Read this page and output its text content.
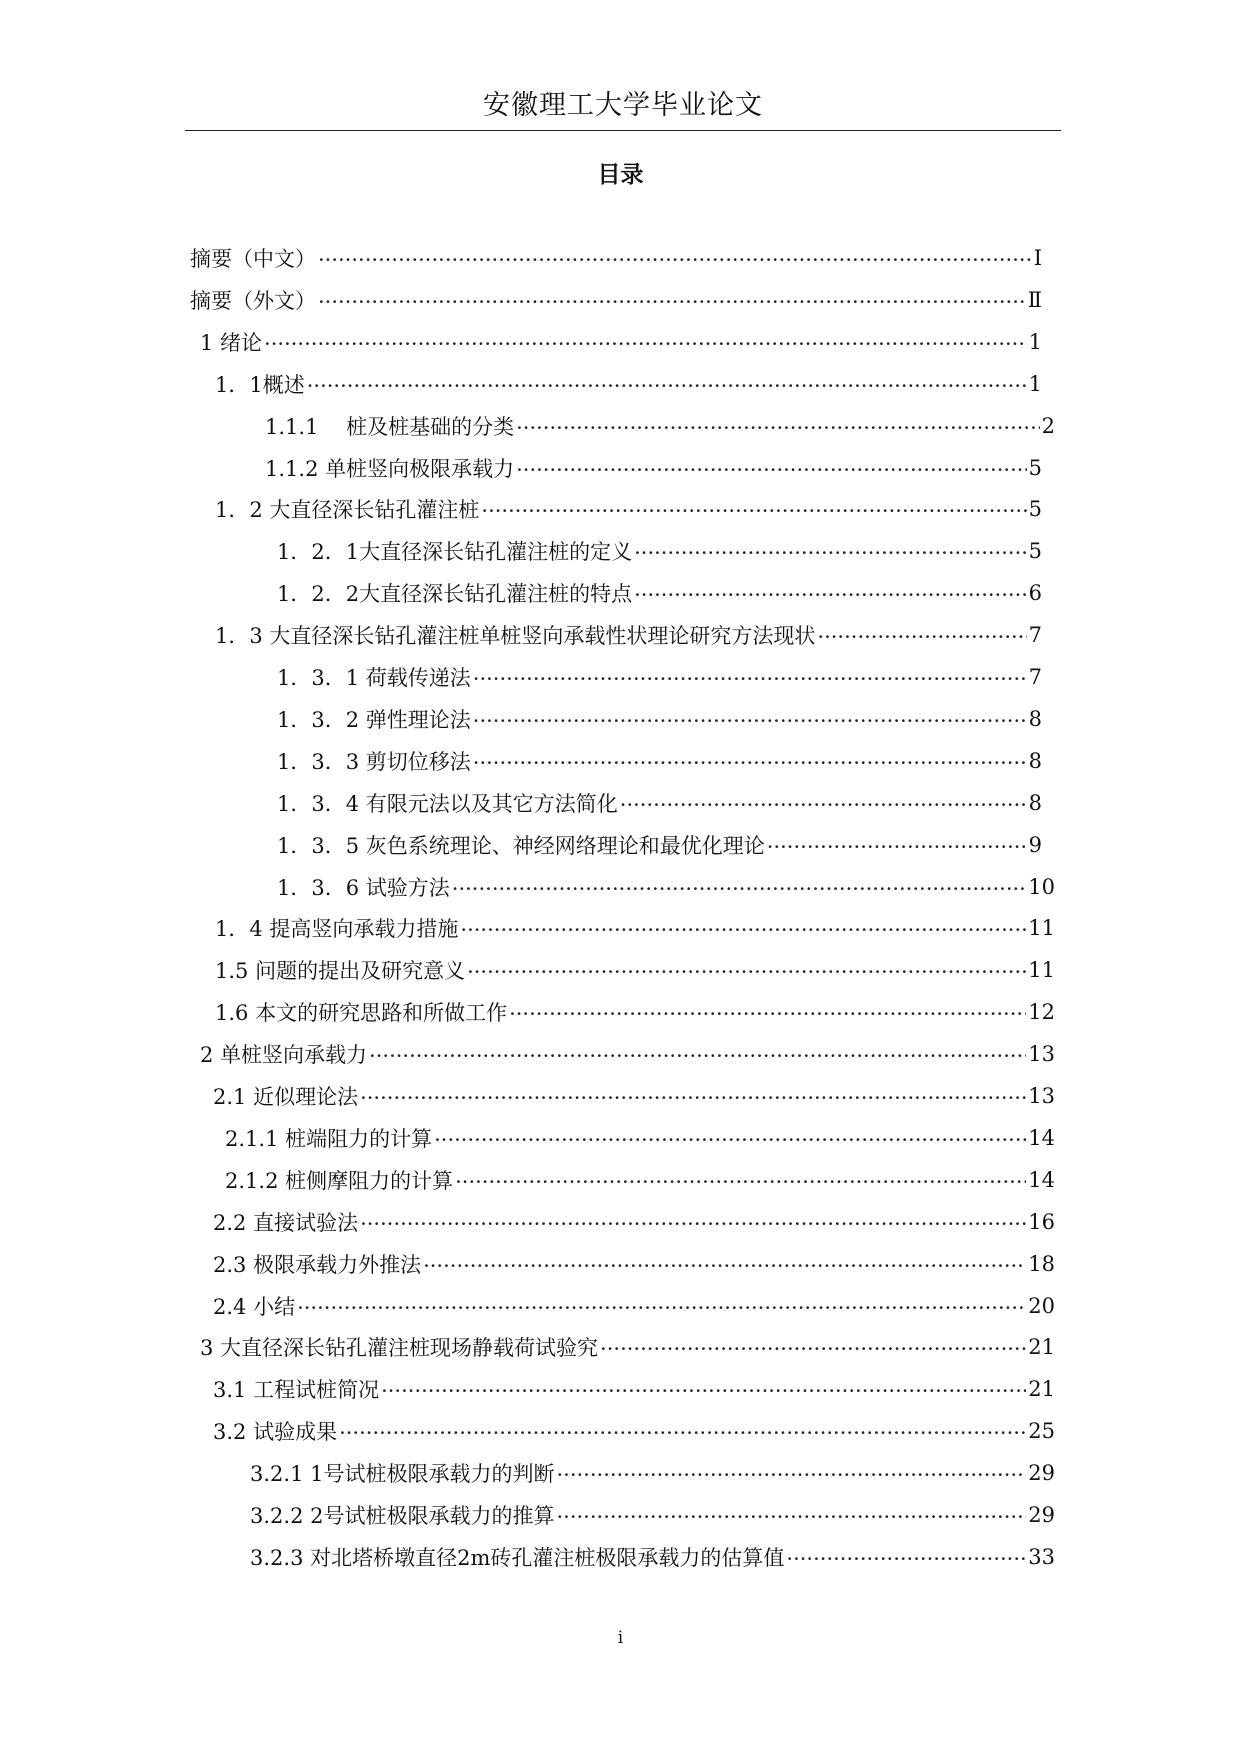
安徽理工大学毕业论文
目录
摘要（中文） ·····	Ⅰ
摘要（外文） ·····	Ⅱ
1 绪论 ·····	1
1．1概述 ·····	1
1.1.1　 桩及桩基础的分类 ·····	2
1.1.2 单桩竖向极限承载力 ·····	5
1．2 大直径深长钻孔灌注桩 ·····	5
1．2．1大直径深长钻孔灌注桩的定义 ·····	5
1．2．2大直径深长钻孔灌注桩的特点 ·····	6
1．3 大直径深长钻孔灌注桩单桩竖向承载性状理论研究方法现状 ·····	7
1．3．1 荷载传递法 ·····	7
1．3．2 弹性理论法 ·····	8
1．3．3 剪切位移法 ·····	8
1．3．4 有限元法以及其它方法简化 ·····	8
1．3．5 灰色系统理论、神经网络理论和最优化理论 ·····	9
1．3．6 试验方法 ·····	10
1．4 提高竖向承载力措施 ·····	11
1.5 问题的提出及研究意义 ·····	11
1.6 本文的研究思路和所做工作 ·····	12
2 单桩竖向承载力 ·····	13
2.1 近似理论法 ·····	13
2.1.1 桩端阻力的计算 ·····	14
2.1.2 桩侧摩阻力的计算 ·····	14
2.2 直接试验法 ·····	16
2.3 极限承载力外推法 ·····	18
2.4 小结 ·····	20
3 大直径深长钻孔灌注桩现场静载荷试验究 ·····	21
3.1 工程试桩简况 ·····	21
3.2 试验成果 ·····	25
3.2.1 1号试桩极限承载力的判断 ·····	29
3.2.2 2号试桩极限承载力的推算 ·····	29
3.2.3 对北塔桥墩直径2m砖孔灌注桩极限承载力的估算值 ·····	33
i
